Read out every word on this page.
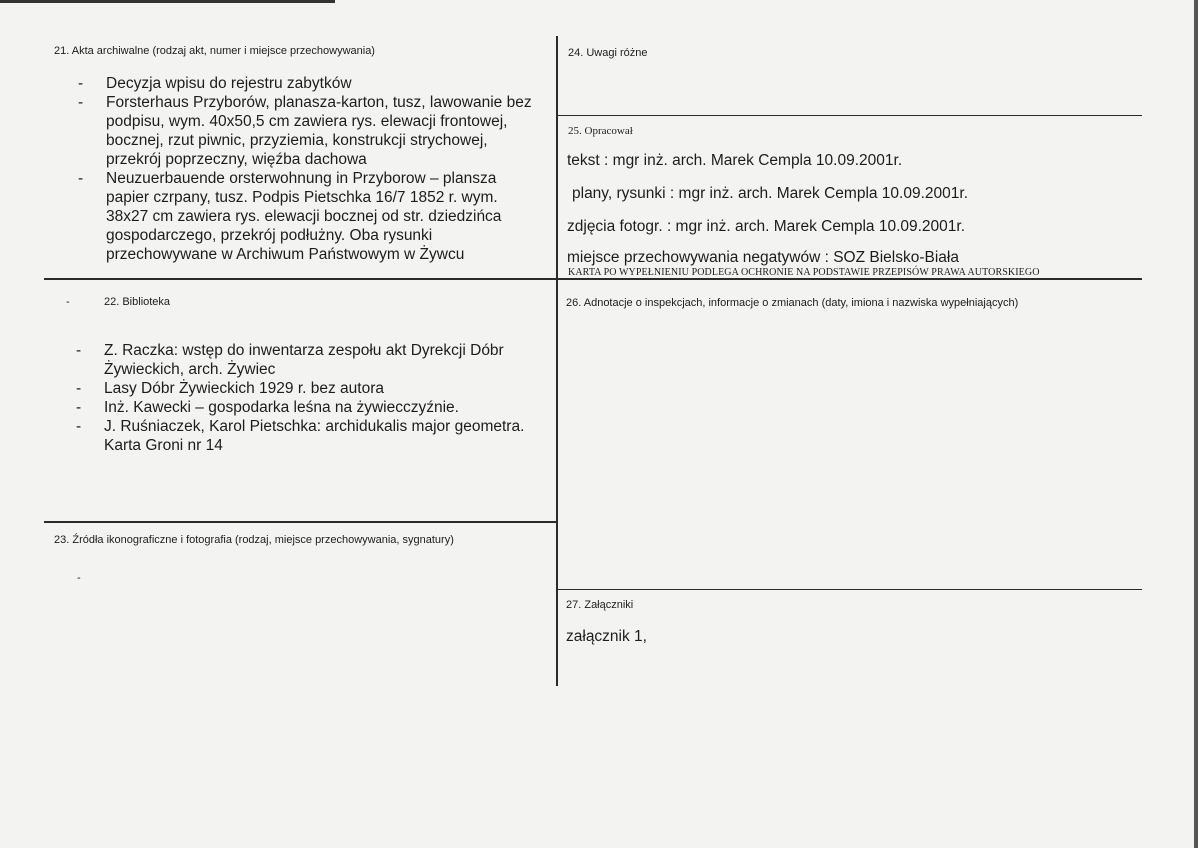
21. Akta archiwalne (rodzaj akt, numer i miejsce przechowywania)
- Decyzja wpisu do rejestru zabytków
- Forsterhaus Przyborów, planasza-karton, tusz, lawowanie bez podpisu, wym. 40x50,5 cm zawiera rys. elewacji frontowej, bocznej, rzut piwnic, przyziemia, konstrukcji strychowej, przekrój poprzeczny, więźba dachowa
- Neuzuerbauende orsterwohnung in Przyborow – plansza papier czrpany, tusz. Podpis Pietschka 16/7 1852 r. wym. 38x27 cm zawiera rys. elewacji bocznej od str. dziedzińca gospodarczego, przekrój podłużny. Oba rysunki przechowywane w Archiwum Państwowym w Żywcu
-	22. Biblioteka
- Z. Raczka: wstęp do inwentarza zespołu akt Dyrekcji Dóbr Żywieckich, arch. Żywiec
- Lasy Dóbr Żywieckich 1929 r. bez autora
- Inż. Kawecki – gospodarka leśna na żywiecczyźnie.
- J. Ruśniaczek, Karol Pietschka: archidukalis major geometra. Karta Groni nr 14
23. Źródła ikonograficzne i fotografia (rodzaj, miejsce przechowywania, sygnatury)
-
24. Uwagi różne
25. Opracował
tekst : mgr inż. arch. Marek Cempla 10.09.2001r.
plany, rysunki : mgr inż. arch. Marek Cempla 10.09.2001r.
zdjęcia fotogr. : mgr inż. arch. Marek Cempla 10.09.2001r.
miejsce przechowywania negatywów : SOZ Bielsko-Biała
KARTA PO WYPEŁNIENIU PODLEGA OCHRONIE NA PODSTAWIE PRZEPISÓW PRAWA AUTORSKIEGO
26. Adnotacje o inspekcjach, informacje o zmianach (daty, imiona i nazwiska wypełniających)
27. Załączniki
załącznik 1,
